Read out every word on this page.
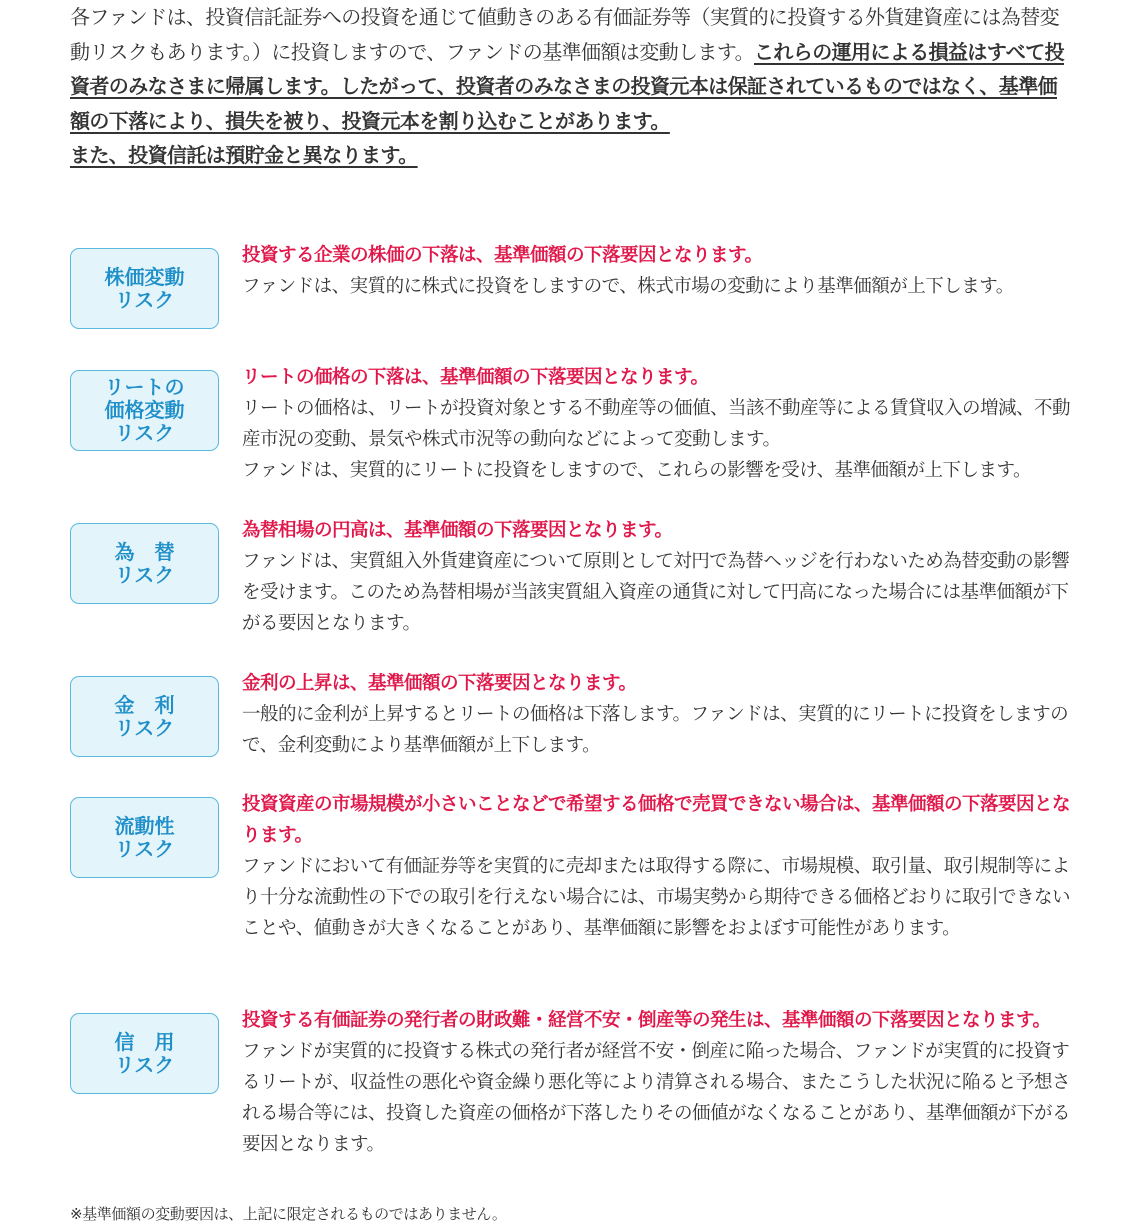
各ファンドは、投資信託証券への投資を通じて値動きのある有価証券等（実質的に投資する外貨建資産には為替変動リスクもあります。）に投資しますので、ファンドの基準価額は変動します。これらの運用による損益はすべて投資者のみなさまに帰属します。したがって、投資者のみなさまの投資元本は保証されているものではなく、基準価額の下落により、損失を被り、投資元本を割り込むことがあります。

また、投資信託は預貯金と異なります。

株価変動
リスク

投資する企業の株価の下落は、基準価額の下落要因となります。

ファンドは、実質的に株式に投資をしますので、株式市場の変動により基準価額が上下します。

リートの
価格変動
リスク

リートの価格の下落は、基準価額の下落要因となります。

リートの価格は、リートが投資対象とする不動産等の価値、当該不動産等による賃貸収入の増減、不動産市況の変動、景気や株式市況等の動向などによって変動します。

ファンドは、実質的にリートに投資をしますので、これらの影響を受け、基準価額が上下します。

為　替
リスク

為替相場の円高は、基準価額の下落要因となります。

ファンドは、実質組入外貨建資産について原則として対円で為替ヘッジを行わないため為替変動の影響を受けます。このため為替相場が当該実質組入資産の通貨に対して円高になった場合には基準価額が下がる要因となります。

金　利
リスク

金利の上昇は、基準価額の下落要因となります。

一般的に金利が上昇するとリートの価格は下落します。ファンドは、実質的にリートに投資をしますので、金利変動により基準価額が上下します。

流動性
リスク

投資資産の市場規模が小さいことなどで希望する価格で売買できない場合は、基準価額の下落要因となります。

ファンドにおいて有価証券等を実質的に売却または取得する際に、市場規模、取引量、取引規制等により十分な流動性の下での取引を行えない場合には、市場実勢から期待できる価格どおりに取引できないことや、値動きが大きくなることがあり、基準価額に影響をおよぼす可能性があります。

信　用
リスク

投資する有価証券の発行者の財政難・経営不安・倒産等の発生は、基準価額の下落要因となります。

ファンドが実質的に投資する株式の発行者が経営不安・倒産に陥った場合、ファンドが実質的に投資するリートが、収益性の悪化や資金繰り悪化等により清算される場合、またこうした状況に陥ると予想される場合等には、投資した資産の価格が下落したりその価値がなくなることがあり、基準価額が下がる要因となります。

※基準価額の変動要因は、上記に限定されるものではありません。
